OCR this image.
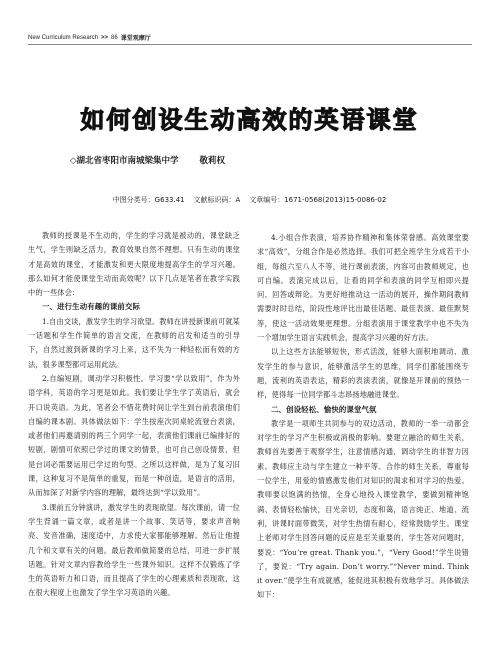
New Curriculum Research >> 86 课堂观摩厅
如何创设生动高效的英语课堂
◇湖北省枣阳市南城梁集中学 敬莉权
中图分类号：G633.41    文献标识码：A    文章编号：1671-0568(2013)15-0086-02

教师的授课是不生动的，学生的学习就是被动的，课堂缺乏生气，学生则缺乏活力，教育效果自然不理想。只有生动的课堂才是高效的课堂，才能激发和更大限度地提高学生的学习兴趣。那么如何才能使课堂生动而高效呢？以下几点是笔者在教学实践中的一些体会：

一、进行生动有趣的课前交际

1.自由交谈，激发学生的学习欲望。教师在讲授新课前可就某一话题和学生作简单的语言交流，在教师的启发和适当的引导下，自然过渡到新课的学习上来，这不失为一种轻松而有效的方法，很多课型都可运用此法。

2.自编短剧，调动学习积极性。学习要“学以致用”，作为外语学科，英语的学习更是如此。我们要让学生学了英语后，就会开口说英语。为此，笔者会不惜花费时间让学生到台前表演他们自编的课本剧。具体做法如下：学生按座次同桌轮流登台表演，或者他们再邀请别的两三个同学一起，表演他们课前已编排好的短剧，剧情可依照已学过的课文的情景，也可自己创设情景，但是台词必需要运用已学过的句型。之所以这样做，是为了复习旧课，这种复习不是简单的重复，而是一种创造，是语言的活用，从而加深了对新学内容的理解，最终达到“学以致用”。

3.课前五分钟演讲，激发学生的表现欲望。每次课前，请一位学生背诵一篇文章，或者是讲一个故事、笑话等，要求声音响亮、发音准确，速度适中，力求使大家都能够理解。然后让他提几个和文章有关的问题。最后教师做简要的总结，可进一步扩展话题。针对文章内容教给学生一些课外知识。这样不仅锻炼了学生的英语听力和口语，而且提高了学生的心理素质和表现欲，这在很大程度上也激发了学生学习英语的兴趣。

4.小组合作表演，培养协作精神和集体荣誉感。高效课堂要求“高效”，分组合作是必然选择。我们可把全班学生分成若干小组，每组六至八人不等，进行课前表演，内容可由教师规定，也可自编。表演完成以后，让看的同学和表演的同学互相即兴提问、回答或辩论。为更好地推动这一活动的展开，操作期间教师需要时时总结，阶段性地评比出最佳话题、最佳表演、最佳默契等，使这一活动效果更理想。分组表演用于课堂教学中也不失为一个增加学生语言实践机会，提高学习兴趣的好方法。

以上这些方法能够短快，形式活泼，能够大面积地调动、激发学生的参与意识，能够激活学生的思维，同学们都能围绕专题，流利的英语表达，精彩的表演表演，就像是开课前的预热一样，使得每一位同学都斗志昂扬地融进课堂。

二、创设轻松、愉快的课堂气氛

教学是一项师生共同参与的双边活动，教师的一举一动都会对学生的学习产生积极或消极的影响。要建立融洽的师生关系，教师首先要善于观察学生，注意情感沟通，调动学生的非智力因素。教师应主动与学生建立一种平等、合作的师生关系，尊重每一位学生，用爱的情感激发他们对知识的渴求和对学习的热爱。教师要以饱满的热情，全身心地投入课堂教学，要做到精神饱满、表情轻松愉快，目光亲切，态度和蔼，语言纯正、地道、流利，讲课时面带微笑，对学生热情有耐心，经常鼓励学生。课堂上老师对学生回答问题的反应是至关重要的，学生答对问题时，要说：“You’re great. Thank you.”，“Very Good!”学生说错了，要说：“Try again. Don’t worry.”“Never mind. Think it over.”使学生有成就感，能促进其积极有效地学习。具体做法如下：
